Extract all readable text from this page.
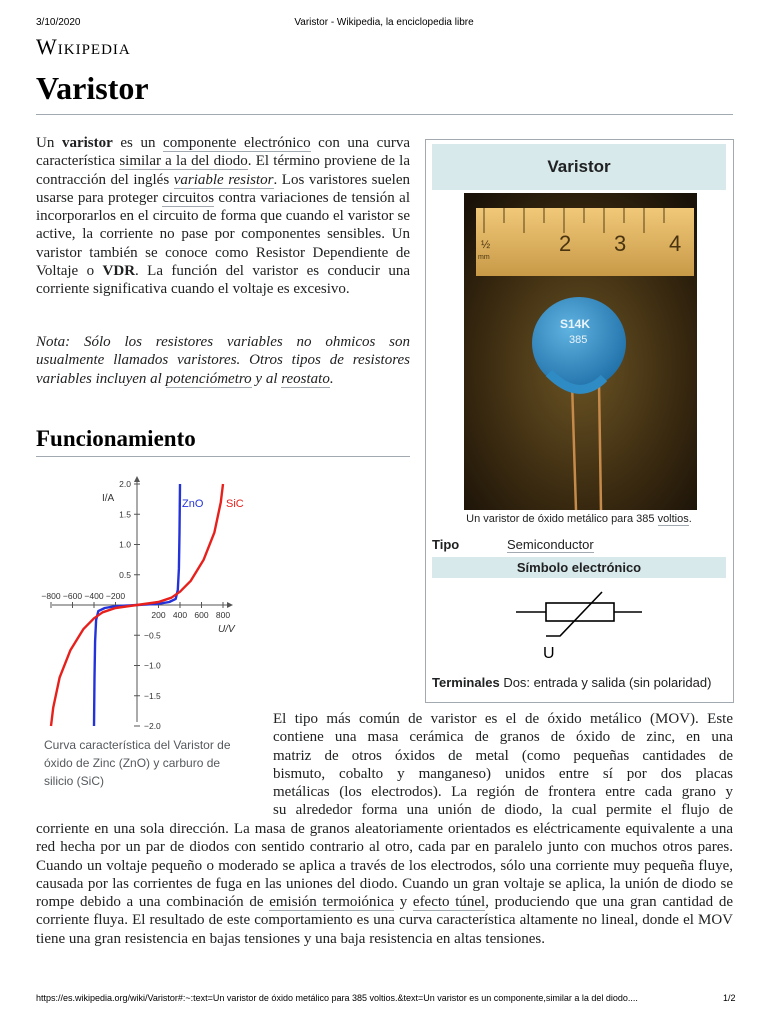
3/10/2020	Varistor - Wikipedia, la enciclopedia libre
Wikipedia
Varistor
Un varistor es un componente electrónico con una curva característica similar a la del diodo. El término proviene de la contracción del inglés variable resistor. Los varistores suelen usarse para proteger circuitos contra variaciones de tensión al incorporarlos en el circuito de forma que cuando el varistor se active, la corriente no pase por componentes sensibles. Un varistor también se conoce como Resistor Dependiente de Voltaje o VDR. La función del varistor es conducir una corriente significativa cuando el voltaje es excesivo.
Nota: Sólo los resistores variables no ohmicos son usualmente llamados varistores. Otros tipos de resistores variables incluyen al potenciómetro y al reostato.
Funcionamiento
−800 −600 −400 −200
200 400 600 800
2.0
1.5
1.0
0.5
−0.5
−1.0
−1.5
−2.0
I/A
U/V
ZnO SiC
Curva característica del Varistor de óxido de Zinc (ZnO) y carburo de silicio (SiC)
El tipo más común de varistor es el de óxido metálico (MOV). Este
contiene una masa cerámica de granos de óxido de zinc, en una
matriz de otros óxidos de metal (como pequeñas cantidades de
bismuto, cobalto y manganeso) unidos entre sí por dos placas
metálicas (los electrodos). La región de frontera entre cada grano y
su alrededor forma una unión de diodo, la cual permite el flujo de
corriente en una sola dirección. La masa de granos aleatoriamente orientados es eléctricamente equivalente a una red hecha por un par de diodos con sentido contrario al otro, cada par en paralelo junto con muchos otros pares. Cuando un voltaje pequeño o moderado se aplica a través de los electrodos, sólo una corriente muy pequeña fluye, causada por las corrientes de fuga en las uniones del diodo. Cuando un gran voltaje se aplica, la unión de diodo se rompe debido a una combinación de emisión termoiónica y efecto túnel, produciendo que una gran cantidad de corriente fluya. El resultado de este comportamiento es una curva característica altamente no lineal, donde el MOV tiene una gran resistencia en bajas tensiones y una baja resistencia en altas tensiones.
Varistor
½
mm
2 3 4
S14K
385
Un varistor de óxido metálico para 385 voltios.
Tipo	Semiconductor
Símbolo electrónico
U
Terminales Dos: entrada y salida (sin polaridad)
https://es.wikipedia.org/wiki/Varistor#:~:text=Un varistor de óxido metálico para 385 voltios.&text=Un varistor es un componente,similar a la del diodo....	1/2
